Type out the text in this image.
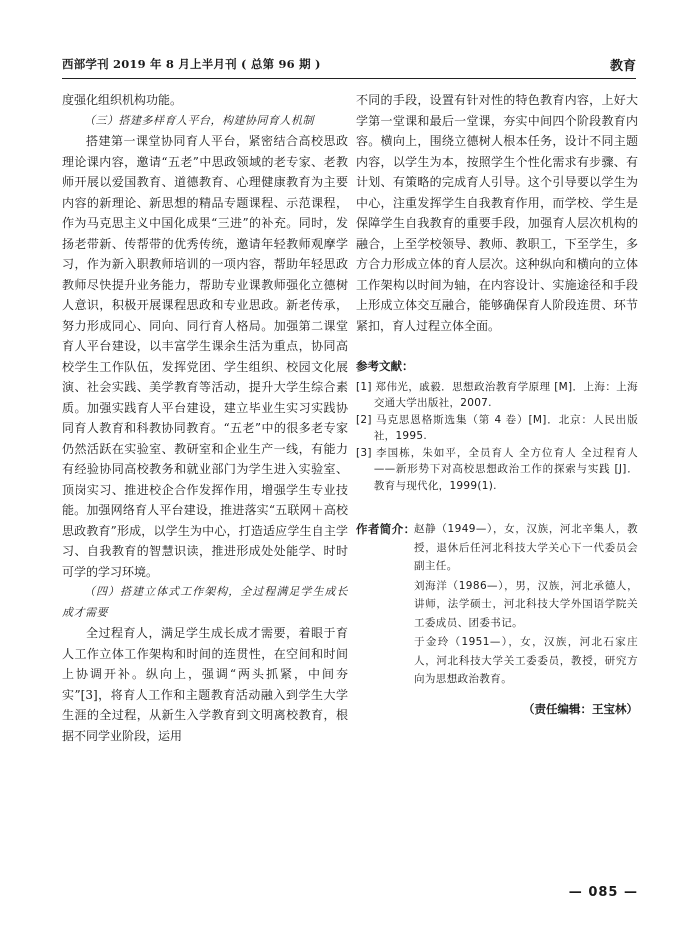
西部学刊 2019 年 8 月上半月刊 ( 总第 96 期 )	教育

度强化组织机构功能。

（三）搭建多样育人平台，构建协同育人机制

搭建第一课堂协同育人平台，紧密结合高校思政理论课内容，邀请“五老”中思政领域的老专家、老教师开展以爱国教育、道德教育、心理健康教育为主要内容的新理论、新思想的精品专题课程、示范课程，作为马克思主义中国化成果“三进”的补充。同时，发扬老带新、传帮带的优秀传统，邀请年轻教师观摩学习，作为新入职教师培训的一项内容，帮助年轻思政教师尽快提升业务能力，帮助专业课教师强化立德树人意识，积极开展课程思政和专业思政。新老传承，努力形成同心、同向、同行育人格局。加强第二课堂育人平台建设，以丰富学生课余生活为重点，协同高校学生工作队伍，发挥党团、学生组织、校园文化展演、社会实践、美学教育等活动，提升大学生综合素质。加强实践育人平台建设，建立毕业生实习实践协同育人教育和科教协同教育。“五老”中的很多老专家仍然活跃在实验室、教研室和企业生产一线，有能力有经验协同高校教务和就业部门为学生进入实验室、顶岗实习、推进校企合作发挥作用，增强学生专业技能。加强网络育人平台建设，推进落实“五联网＋高校思政教育”形成，以学生为中心，打造适应学生自主学习、自我教育的智慧识读，推进形成处处能学、时时可学的学习环境。

（四）搭建立体式工作架构，全过程满足学生成长成才需要

全过程育人，满足学生成长成才需要，着眼于育人工作立体工作架构和时间的连贯性，在空间和时间上协调开补。纵向上，强调“两头抓紧，中间夯实”[3]，将育人工作和主题教育活动融入到学生大学生涯的全过程，从新生入学教育到文明离校教育，根据不同学业阶段，运用

不同的手段，设置有针对性的特色教育内容，上好大学第一堂课和最后一堂课，夯实中间四个阶段教育内容。横向上，围绕立德树人根本任务，设计不同主题内容，以学生为本，按照学生个性化需求有步骤、有计划、有策略的完成育人引导。这个引导要以学生为中心，注重发挥学生自我教育作用，而学校、学生是保障学生自我教育的重要手段，加强育人层次机构的融合，上至学校领导、教师、教职工，下至学生，多方合力形成立体的育人层次。这种纵向和横向的立体工作架构以时间为轴，在内容设计、实施途径和手段上形成立体交互融合，能够确保育人阶段连贯、环节紧扣，育人过程立体全面。

参考文献：

[1] 郑伟光，戚毅．思想政治教育学原理 [M]．上海：上海交通大学出版社，2007.

[2] 马克思恩格斯选集（第 4 卷）[M]．北京：人民出版社，1995.

[3] 李国栋，朱如平，全员育人 全方位育人 全过程育人——新形势下对高校思想政治工作的探索与实践 [J]．教育与现代化，1999(1).

作者简介：

赵静（1949—），女，汉族，河北辛集人，教授，退休后任河北科技大学关心下一代委员会副主任。

刘海洋（1986—），男，汉族，河北承德人，讲师，法学硕士，河北科技大学外国语学院关工委成员、团委书记。

于金玲（1951—），女，汉族，河北石家庄人，河北科技大学关工委委员，教授，研究方向为思想政治教育。

（责任编辑：王宝林）

— 085 —
